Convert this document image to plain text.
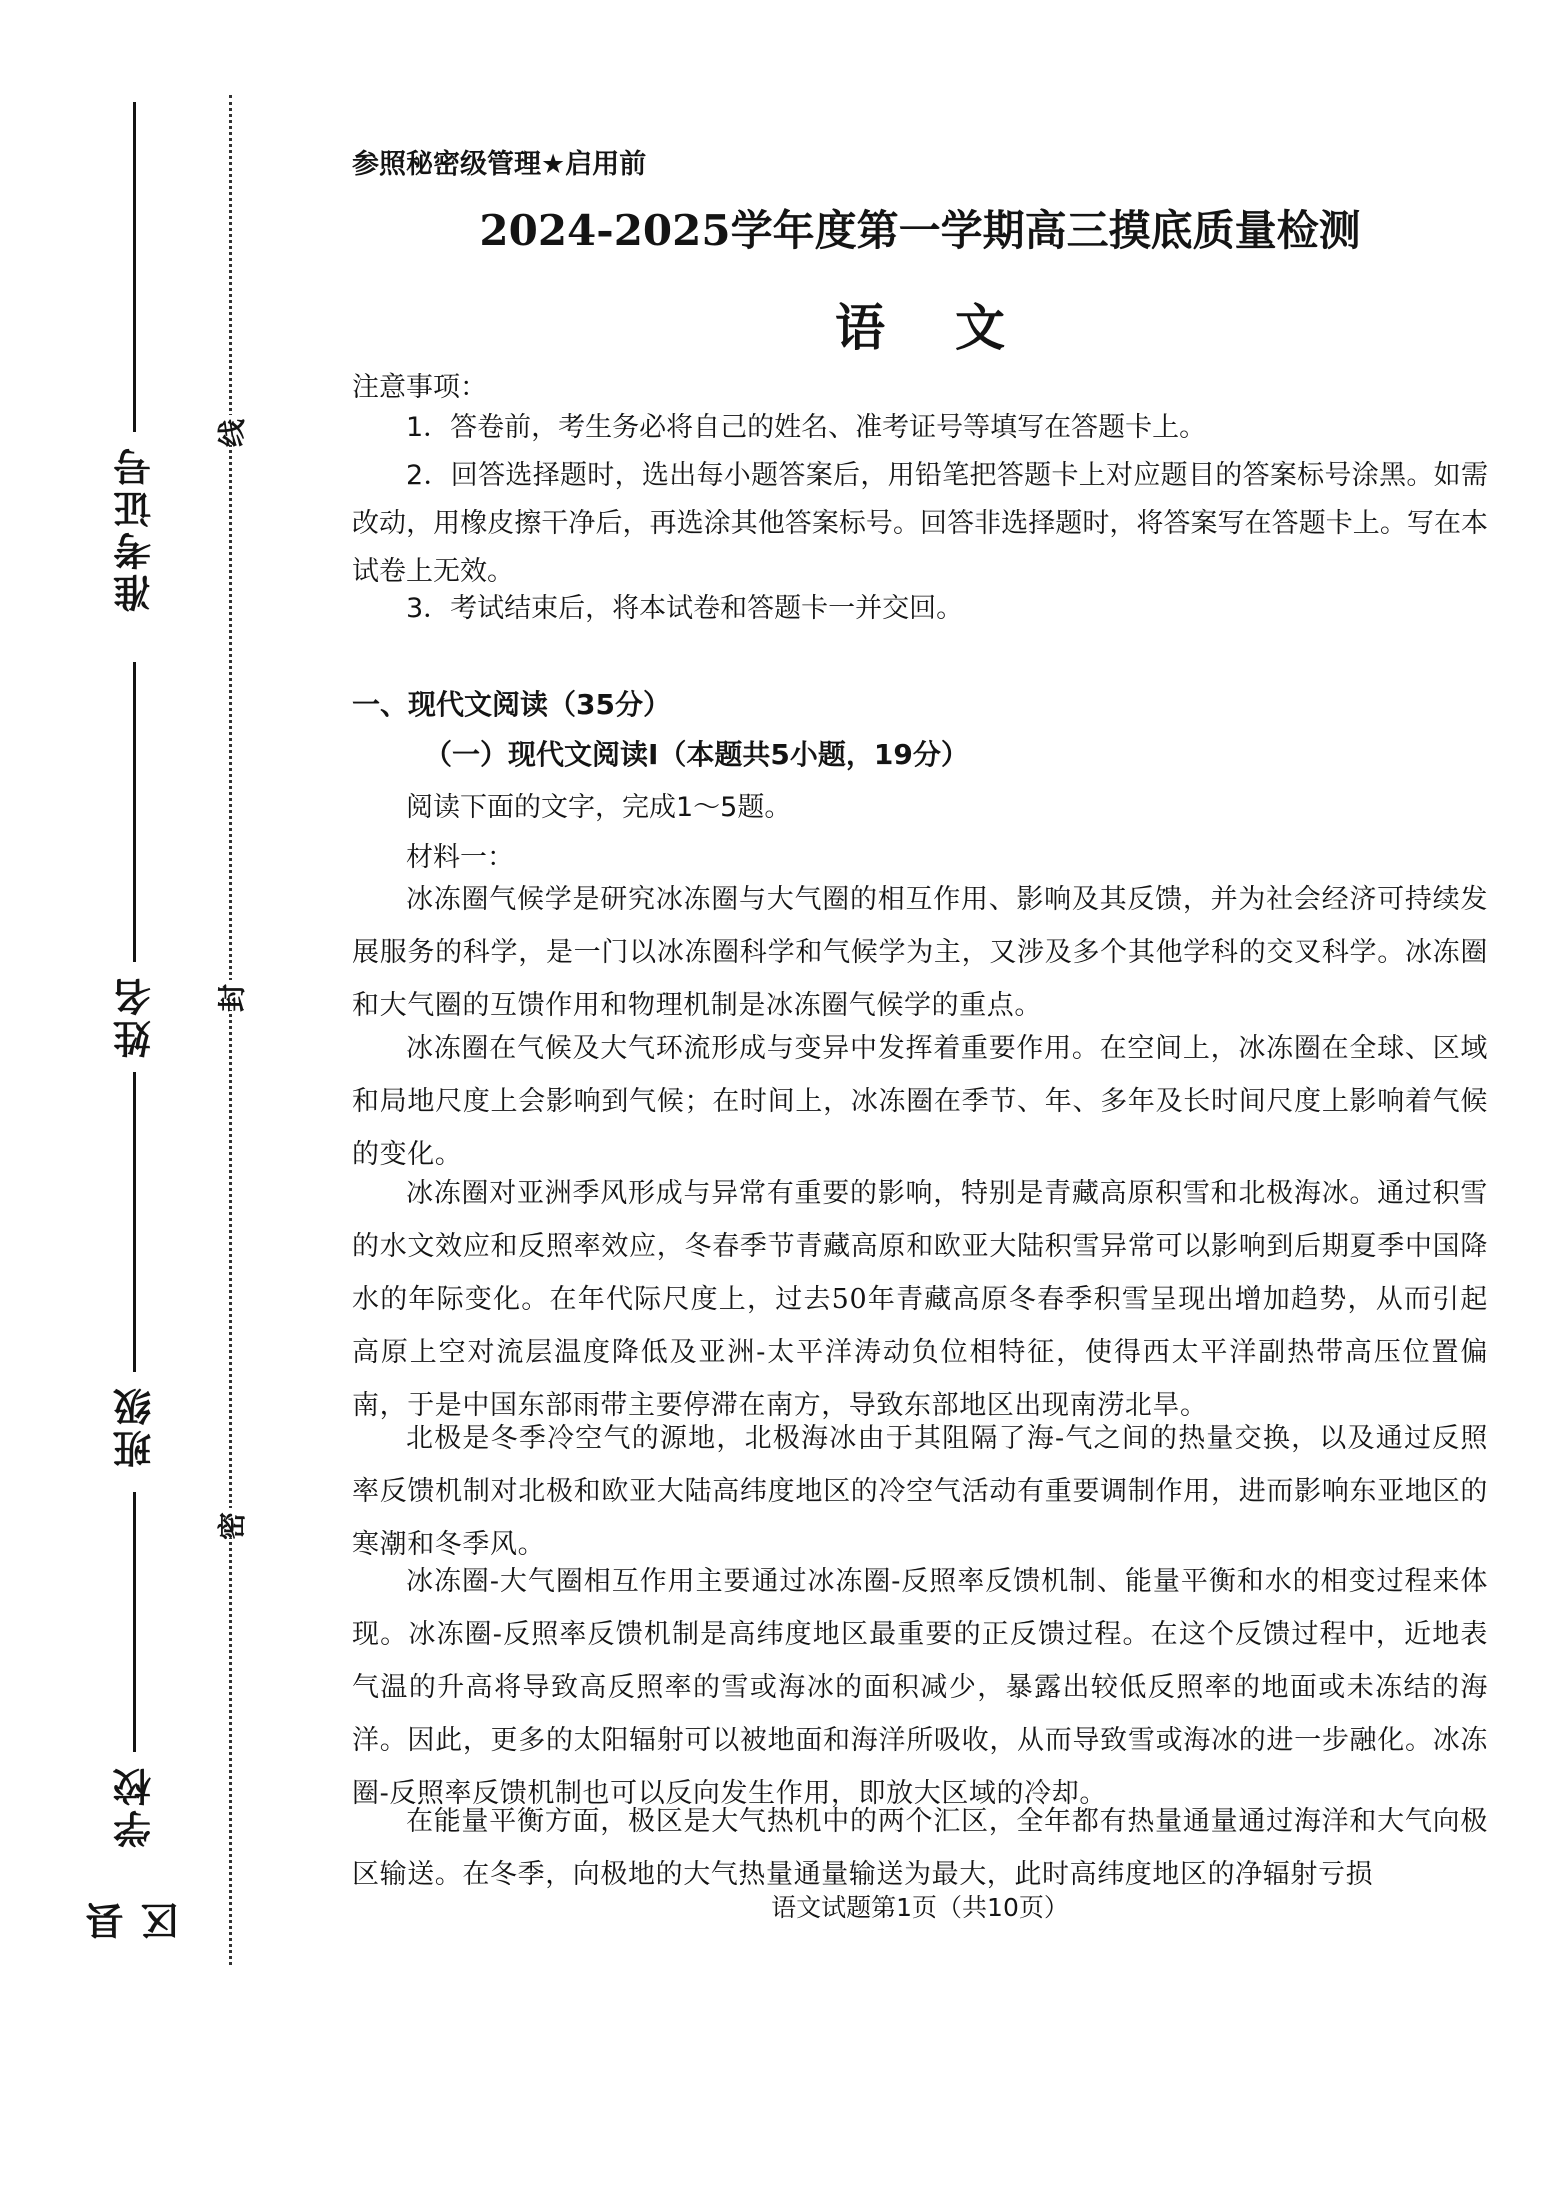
准考证号
姓名
班级
学校
县区
线
封
密
参照秘密级管理★启用前
2024-2025学年度第一学期高三摸底质量检测
语文
注意事项：
1．答卷前，考生务必将自己的姓名、准考证号等填写在答题卡上。
2．回答选择题时，选出每小题答案后，用铅笔把答题卡上对应题目的答案标号涂黑。如需改动，用橡皮擦干净后，再选涂其他答案标号。回答非选择题时，将答案写在答题卡上。写在本试卷上无效。
3．考试结束后，将本试卷和答题卡一并交回。
一、现代文阅读（35分）
（一）现代文阅读Ⅰ（本题共5小题，19分）
阅读下面的文字，完成1～5题。
材料一：
冰冻圈气候学是研究冰冻圈与大气圈的相互作用、影响及其反馈，并为社会经济可持续发展服务的科学，是一门以冰冻圈科学和气候学为主，又涉及多个其他学科的交叉科学。冰冻圈和大气圈的互馈作用和物理机制是冰冻圈气候学的重点。
冰冻圈在气候及大气环流形成与变异中发挥着重要作用。在空间上，冰冻圈在全球、区域和局地尺度上会影响到气候；在时间上，冰冻圈在季节、年、多年及长时间尺度上影响着气候的变化。
冰冻圈对亚洲季风形成与异常有重要的影响，特别是青藏高原积雪和北极海冰。通过积雪的水文效应和反照率效应，冬春季节青藏高原和欧亚大陆积雪异常可以影响到后期夏季中国降水的年际变化。在年代际尺度上，过去50年青藏高原冬春季积雪呈现出增加趋势，从而引起高原上空对流层温度降低及亚洲-太平洋涛动负位相特征，使得西太平洋副热带高压位置偏南，于是中国东部雨带主要停滞在南方，导致东部地区出现南涝北旱。
北极是冬季冷空气的源地，北极海冰由于其阻隔了海-气之间的热量交换，以及通过反照率反馈机制对北极和欧亚大陆高纬度地区的冷空气活动有重要调制作用，进而影响东亚地区的寒潮和冬季风。
冰冻圈-大气圈相互作用主要通过冰冻圈-反照率反馈机制、能量平衡和水的相变过程来体现。冰冻圈-反照率反馈机制是高纬度地区最重要的正反馈过程。在这个反馈过程中，近地表气温的升高将导致高反照率的雪或海冰的面积减少，暴露出较低反照率的地面或未冻结的海洋。因此，更多的太阳辐射可以被地面和海洋所吸收，从而导致雪或海冰的进一步融化。冰冻圈-反照率反馈机制也可以反向发生作用，即放大区域的冷却。
在能量平衡方面，极区是大气热机中的两个汇区，全年都有热量通量通过海洋和大气向极区输送。在冬季，向极地的大气热量通量输送为最大，此时高纬度地区的净辐射亏损
语文试题第1页（共10页）
